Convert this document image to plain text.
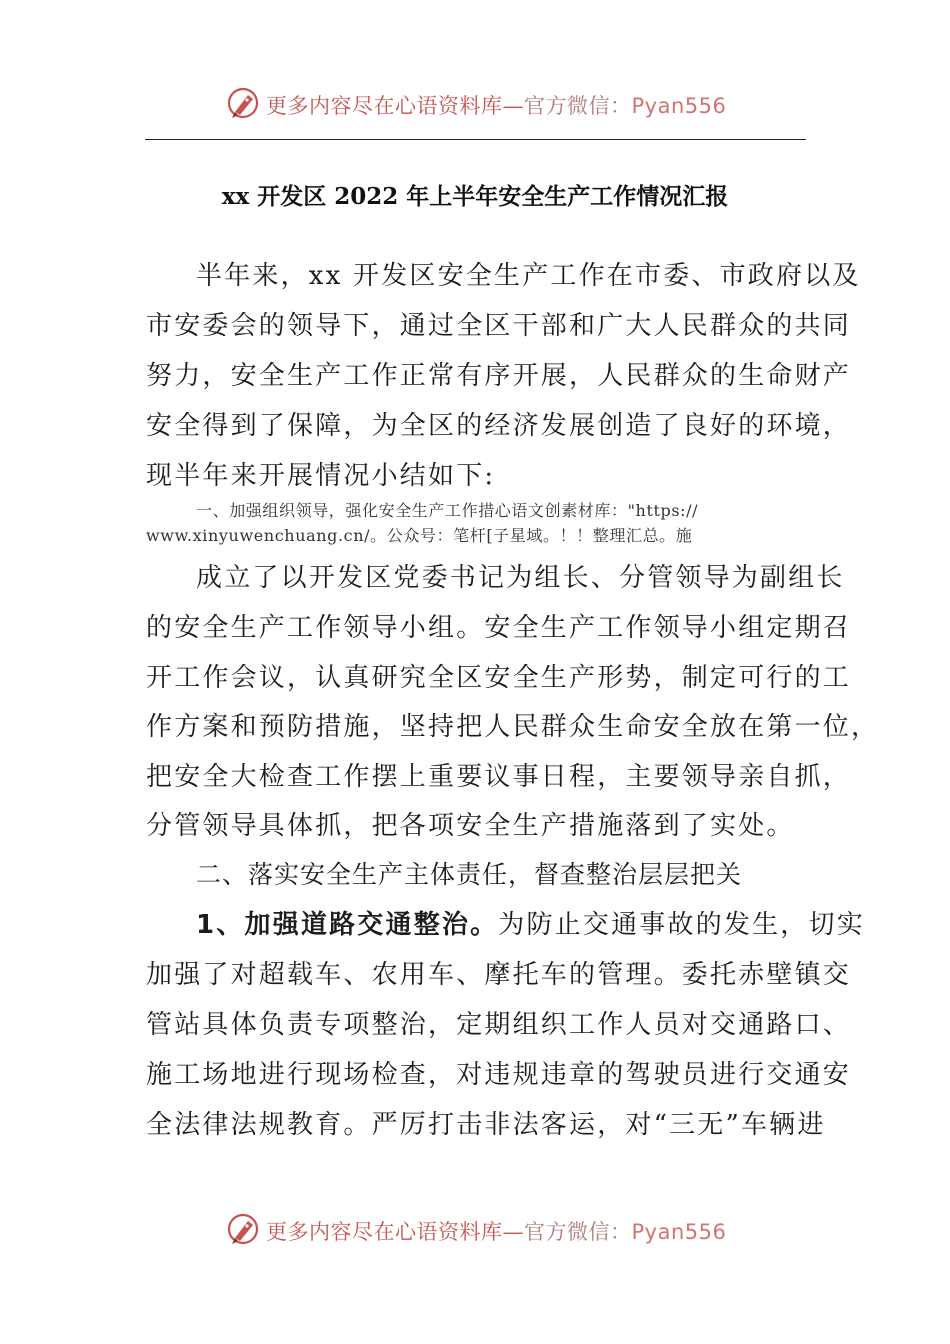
更多内容尽在心语资料库—官方微信：Pyan556
xx 开发区 2022 年上半年安全生产工作情况汇报
半年来，xx 开发区安全生产工作在市委、市政府以及
市安委会的领导下，通过全区干部和广大人民群众的共同
努力，安全生产工作正常有序开展，人民群众的生命财产
安全得到了保障，为全区的经济发展创造了良好的环境，
现半年来开展情况小结如下:
一、加强组织领导，强化安全生产工作措心语文创素材库："https://
www.xinyuwenchuang.cn/。公众号：笔杆[子星域。！！整理汇总。施
成立了以开发区党委书记为组长、分管领导为副组长
的安全生产工作领导小组。安全生产工作领导小组定期召
开工作会议，认真研究全区安全生产形势，制定可行的工
作方案和预防措施，坚持把人民群众生命安全放在第一位，
把安全大检查工作摆上重要议事日程，主要领导亲自抓，
分管领导具体抓，把各项安全生产措施落到了实处。
二、落实安全生产主体责任，督查整治层层把关
1、加强道路交通整治。为防止交通事故的发生，切实
加强了对超载车、农用车、摩托车的管理。委托赤壁镇交
管站具体负责专项整治，定期组织工作人员对交通路口、
施工场地进行现场检查，对违规违章的驾驶员进行交通安
全法律法规教育。严厉打击非法客运，对“三无”车辆进
更多内容尽在心语资料库—官方微信：Pyan556
